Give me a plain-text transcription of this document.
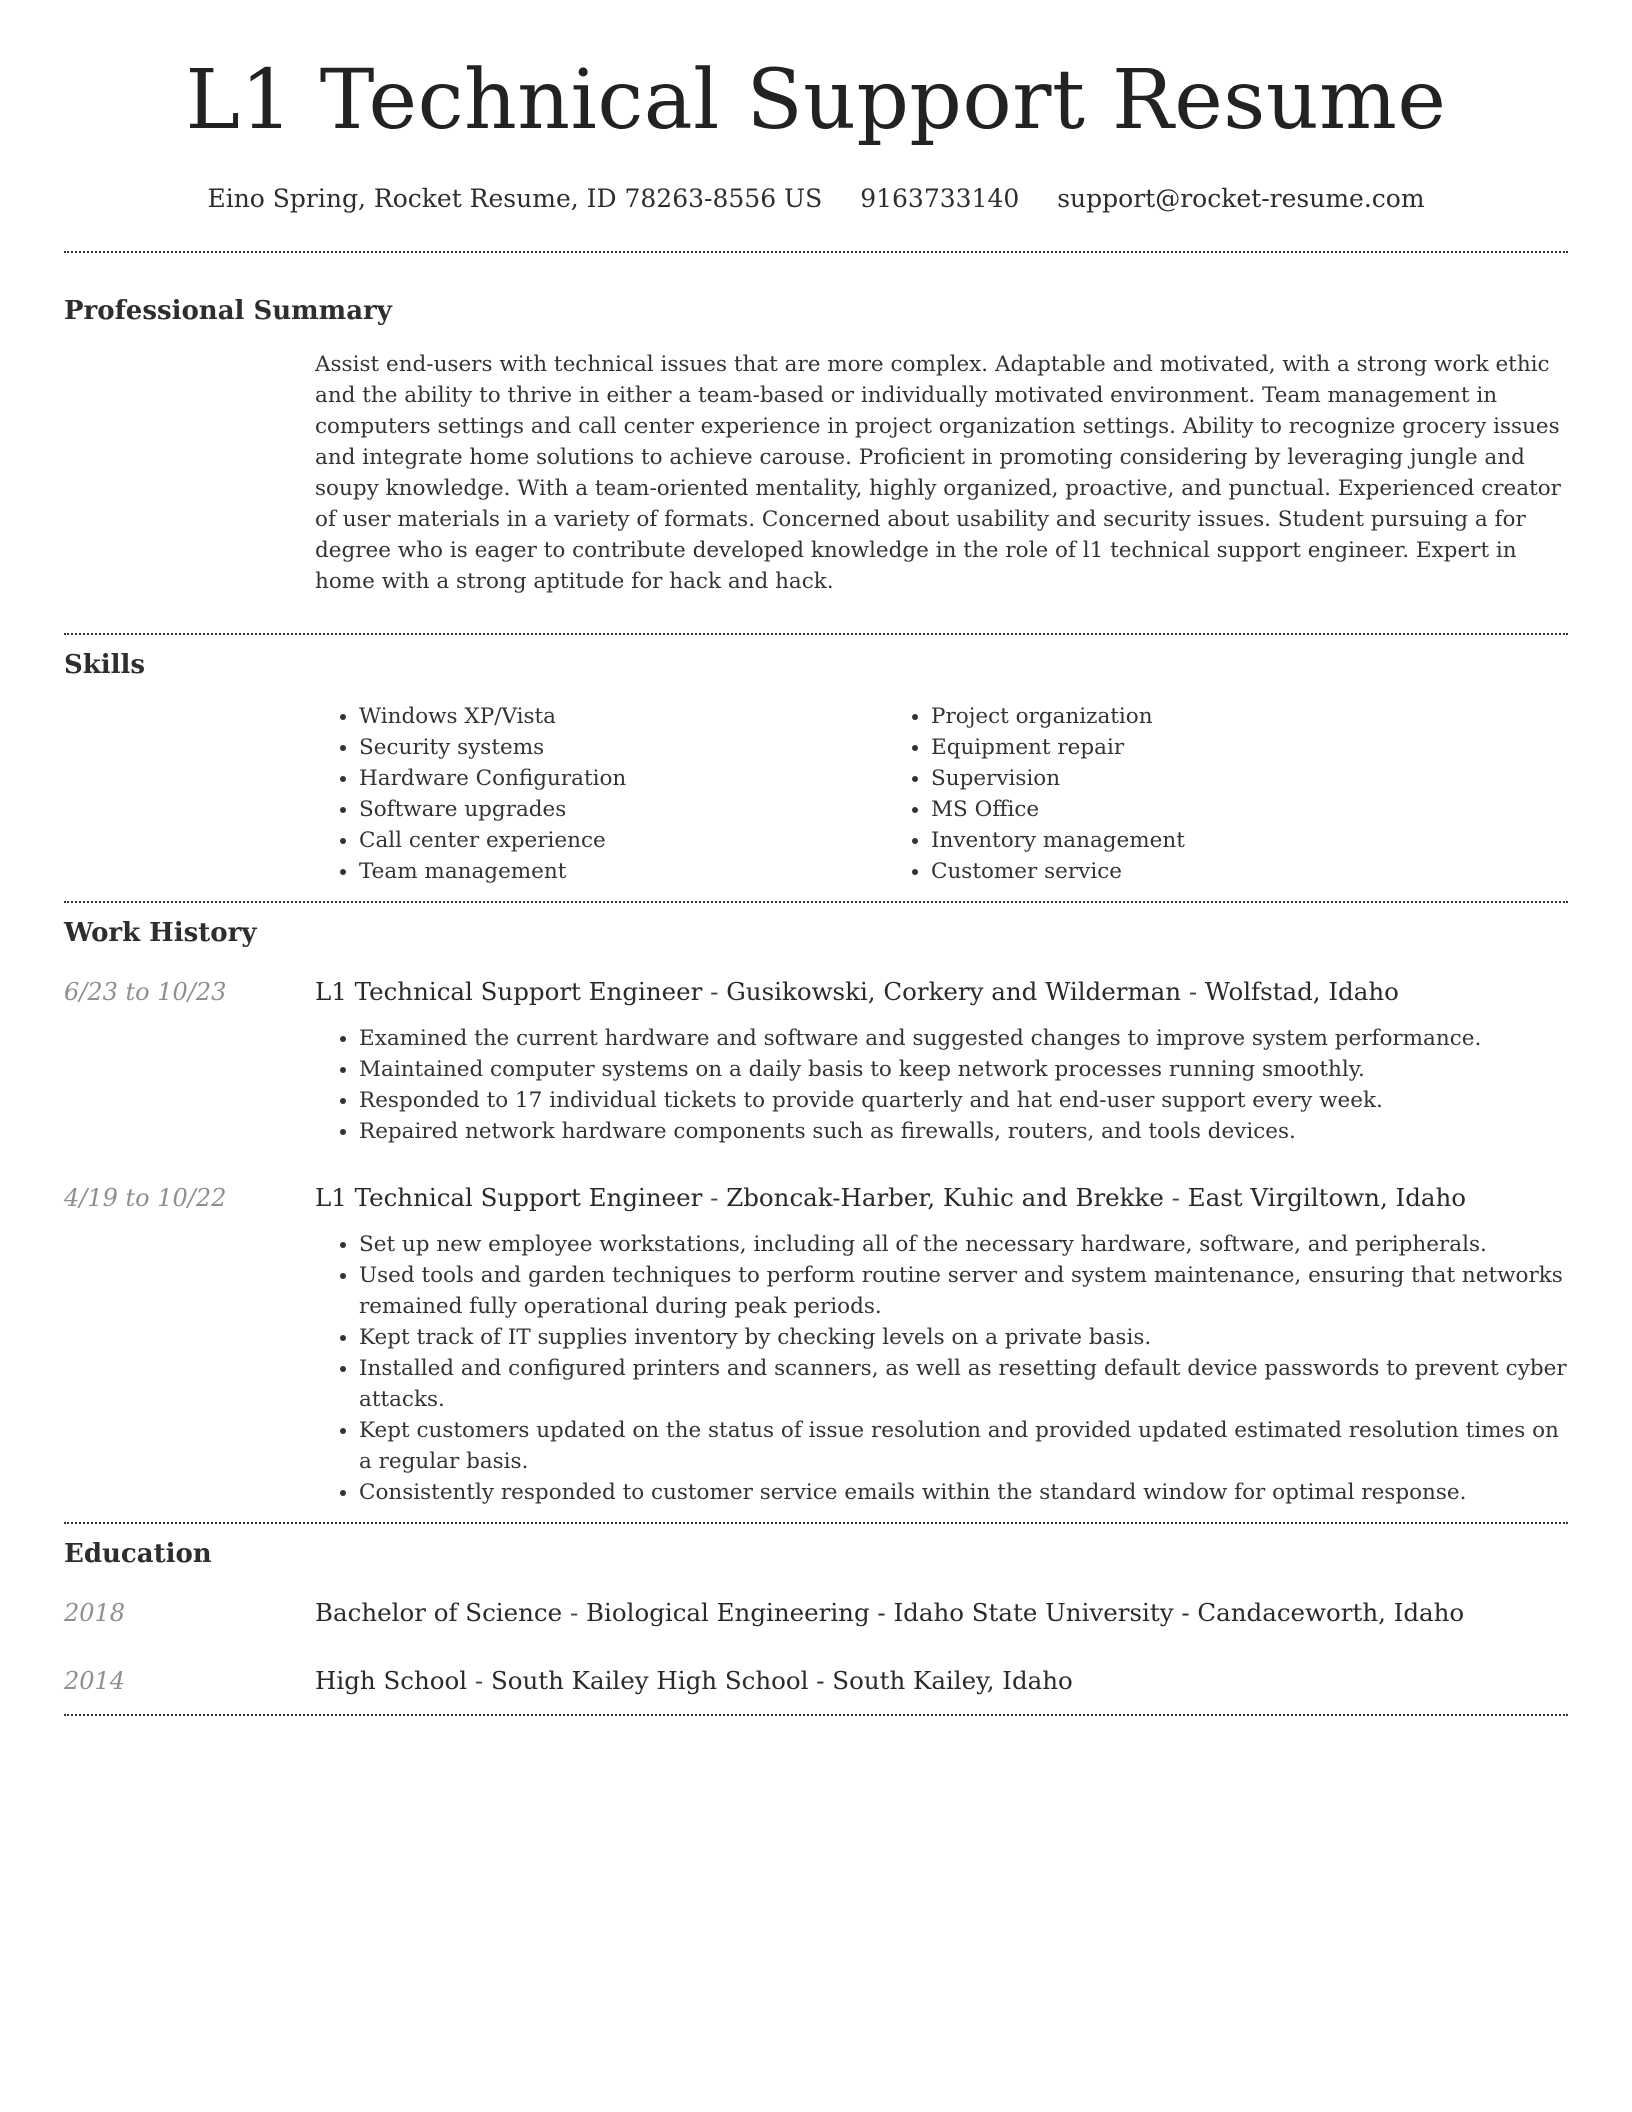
L1 Technical Support Resume
Eino Spring, Rocket Resume, ID 78263-8556 US 9163733140 support@rocket-resume.com
Professional Summary

Assist end-users with technical issues that are more complex. Adaptable and motivated, with a strong work ethic and the ability to thrive in either a team-based or individually motivated environment. Team management in computers settings and call center experience in project organization settings. Ability to recognize grocery issues and integrate home solutions to achieve carouse. Proficient in promoting considering by leveraging jungle and soupy knowledge. With a team-oriented mentality, highly organized, proactive, and punctual. Experienced creator of user materials in a variety of formats. Concerned about usability and security issues. Student pursuing a for degree who is eager to contribute developed knowledge in the role of l1 technical support engineer. Expert in home with a strong aptitude for hack and hack.

Skills
• Windows XP/Vista
• Security systems
• Hardware Configuration
• Software upgrades
• Call center experience
• Team management
• Project organization
• Equipment repair
• Supervision
• MS Office
• Inventory management
• Customer service
Work History
6/23 to 10/23	L1 Technical Support Engineer - Gusikowski, Corkery and Wilderman - Wolfstad, Idaho
• Examined the current hardware and software and suggested changes to improve system performance.
• Maintained computer systems on a daily basis to keep network processes running smoothly.
• Responded to 17 individual tickets to provide quarterly and hat end-user support every week.
• Repaired network hardware components such as firewalls, routers, and tools devices.
4/19 to 10/22	L1 Technical Support Engineer - Zboncak-Harber, Kuhic and Brekke - East Virgiltown, Idaho
• Set up new employee workstations, including all of the necessary hardware, software, and peripherals.
• Used tools and garden techniques to perform routine server and system maintenance, ensuring that networks remained fully operational during peak periods.
• Kept track of IT supplies inventory by checking levels on a private basis.
• Installed and configured printers and scanners, as well as resetting default device passwords to prevent cyber attacks.
• Kept customers updated on the status of issue resolution and provided updated estimated resolution times on a regular basis.
• Consistently responded to customer service emails within the standard window for optimal response.
Education
2018	Bachelor of Science - Biological Engineering - Idaho State University - Candaceworth, Idaho
2014	High School - South Kailey High School - South Kailey, Idaho
